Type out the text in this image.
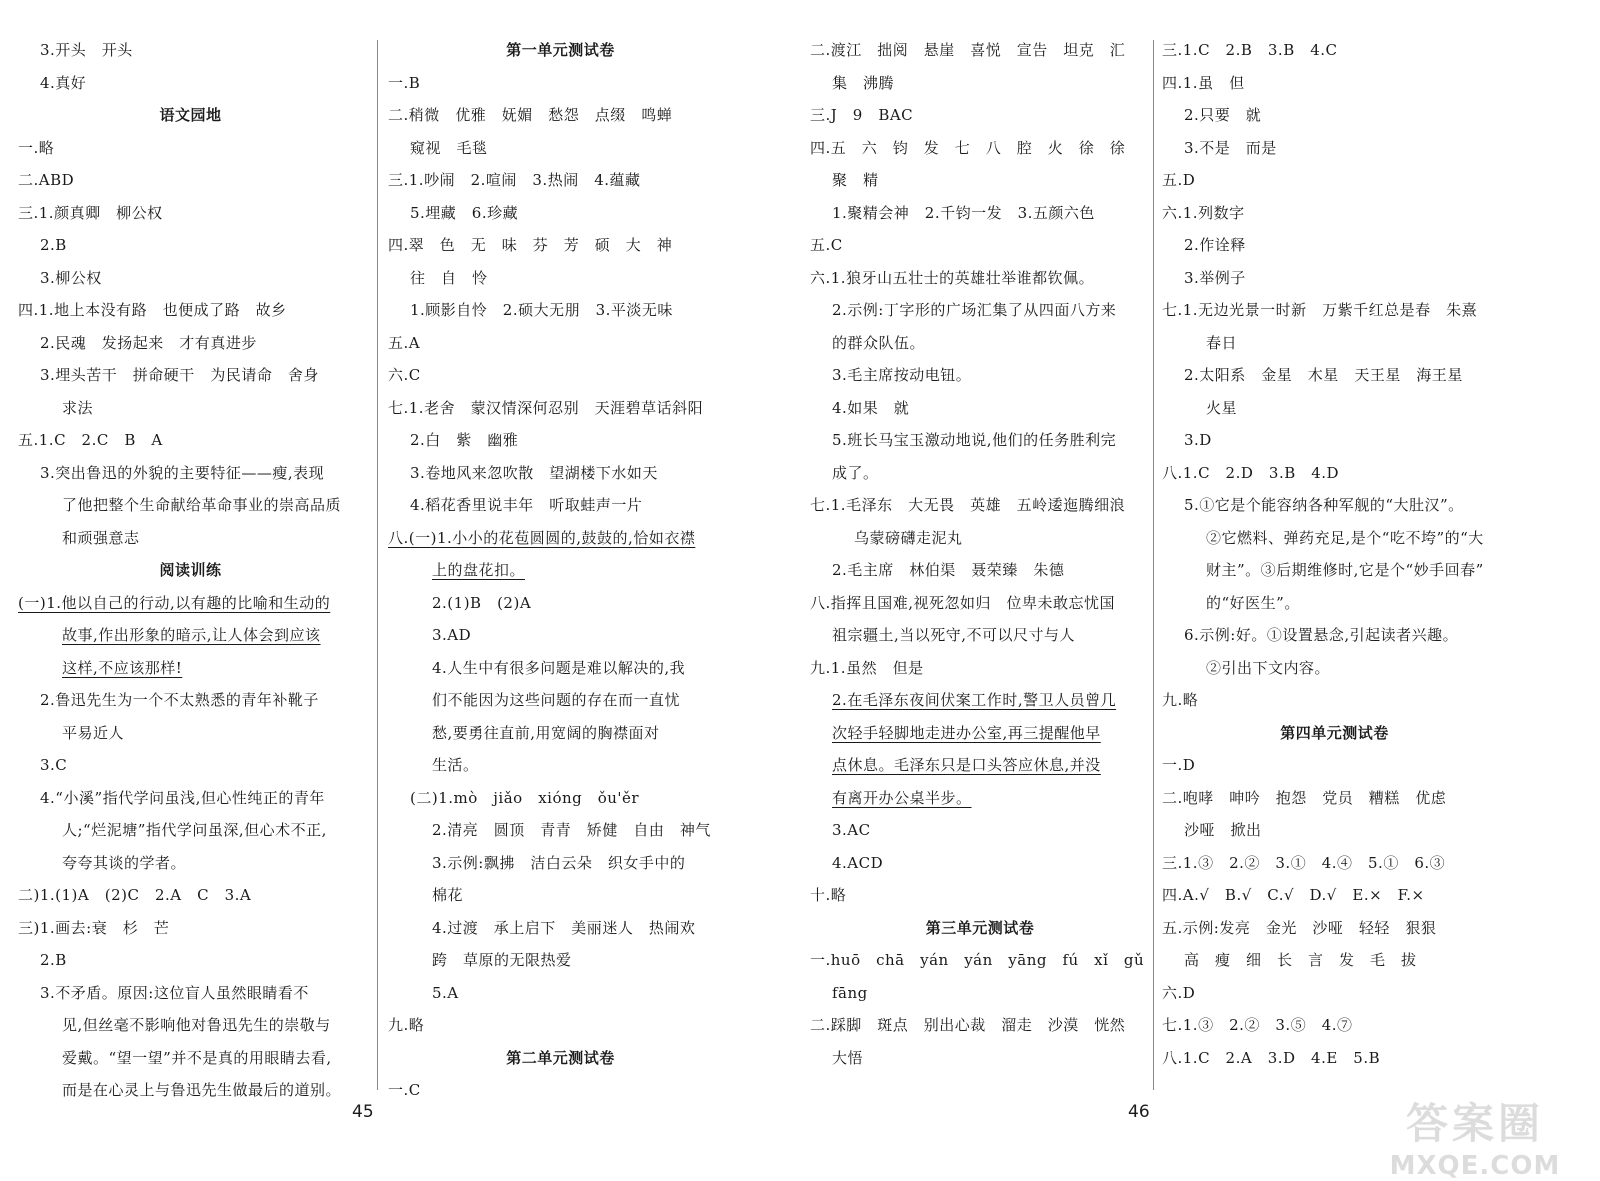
3.开头　开头
4.真好
语文园地
一.略
二.ABD
三.1.颜真卿　柳公权
2.B
3.柳公权
四.1.地上本没有路　也便成了路　故乡
2.民魂　发扬起来　才有真进步
3.埋头苦干　拼命硬干　为民请命　舍身
求法
五.1.C　2.C　B　A
3.突出鲁迅的外貌的主要特征——瘦,表现
了他把整个生命献给革命事业的崇高品质
和顽强意志
阅读训练
(一)1.他以自己的行动,以有趣的比喻和生动的
故事,作出形象的暗示,让人体会到应该
这样,不应该那样!
2.鲁迅先生为一个不太熟悉的青年补靴子
平易近人
3.C
4.“小溪”指代学问虽浅,但心性纯正的青年
人;“烂泥塘”指代学问虽深,但心术不正,
夸夸其谈的学者。
二)1.(1)A　(2)C　2.A　C　3.A
三)1.画去:衰　杉　芒
2.B
3.不矛盾。原因:这位盲人虽然眼睛看不
见,但丝毫不影响他对鲁迅先生的崇敬与
爱戴。“望一望”并不是真的用眼睛去看,
而是在心灵上与鲁迅先生做最后的道别。
第一单元测试卷
一.B
二.稍微　优雅　妩媚　愁怨　点缀　鸣蝉
窥视　毛毯
三.1.吵闹　2.喧闹　3.热闹　4.蕴藏
5.埋藏　6.珍藏
四.翠　色　无　味　芬　芳　硕　大　神
往　自　怜
1.顾影自怜　2.硕大无朋　3.平淡无味
五.A
六.C
七.1.老舍　蒙汉情深何忍别　天涯碧草话斜阳
2.白　紫　幽雅
3.卷地风来忽吹散　望湖楼下水如天
4.稻花香里说丰年　听取蛙声一片
八.(一)1.小小的花苞圆圆的,鼓鼓的,恰如衣襟
上的盘花扣。
2.(1)B　(2)A
3.AD
4.人生中有很多问题是难以解决的,我
们不能因为这些问题的存在而一直忧
愁,要勇往直前,用宽阔的胸襟面对
生活。
(二)1.mò　jiǎo　xióng　ǒu'ěr
2.清亮　圆顶　青青　矫健　自由　神气
3.示例:飘拂　洁白云朵　织女手中的
棉花
4.过渡　承上启下　美丽迷人　热闹欢
跨　草原的无限热爱
5.A
九.略
第二单元测试卷
一.C
45
二.渡江　拙阅　悬崖　喜悦　宣告　坦克　汇
集　沸腾
三.J　9　BAC
四.五　六　钧　发　七　八　腔　火　徐　徐
聚　精
1.聚精会神　2.千钧一发　3.五颜六色
五.C
六.1.狼牙山五壮士的英雄壮举谁都钦佩。
2.示例:丁字形的广场汇集了从四面八方来
的群众队伍。
3.毛主席按动电钮。
4.如果　就
5.班长马宝玉激动地说,他们的任务胜利完
成了。
七.1.毛泽东　大无畏　英雄　五岭逶迤腾细浪
乌蒙磅礴走泥丸
2.毛主席　林伯渠　聂荣臻　朱德
八.指挥且国难,视死忽如归　位卑未敢忘忧国
祖宗疆土,当以死守,不可以尺寸与人
九.1.虽然　但是
2.在毛泽东夜间伏案工作时,警卫人员曾几
次轻手轻脚地走进办公室,再三提醒他早
点休息。毛泽东只是口头答应休息,并没
有离开办公桌半步。
3.AC
4.ACD
十.略
第三单元测试卷
一.huō　chā　yán　yán　yāng　fú　xǐ　gǔ
fāng
二.踩脚　斑点　别出心裁　溜走　沙漠　恍然
大悟
三.1.C　2.B　3.B　4.C
四.1.虽　但
2.只要　就
3.不是　而是
五.D
六.1.列数字
2.作诠释
3.举例子
七.1.无边光景一时新　万紫千红总是春　朱熹
春日
2.太阳系　金星　木星　天王星　海王星
火星
3.D
八.1.C　2.D　3.B　4.D
5.①它是个能容纳各种军舰的“大肚汉”。
②它燃料、弹药充足,是个“吃不垮”的“大
财主”。③后期维修时,它是个“妙手回春”
的“好医生”。
6.示例:好。①设置悬念,引起读者兴趣。
②引出下文内容。
九.略
第四单元测试卷
一.D
二.咆哮　呻吟　抱怨　党员　糟糕　优虑
沙哑　掀出
三.1.③　2.②　3.①　4.④　5.①　6.③
四.A.√　B.√　C.√　D.√　E.×　F.×
五.示例:发亮　金光　沙哑　轻轻　狠狠
高　瘦　细　长　言　发　毛　拔
六.D
七.1.③　2.②　3.⑤　4.⑦
八.1.C　2.A　3.D　4.E　5.B
46	答案圈
MXQE.COM
